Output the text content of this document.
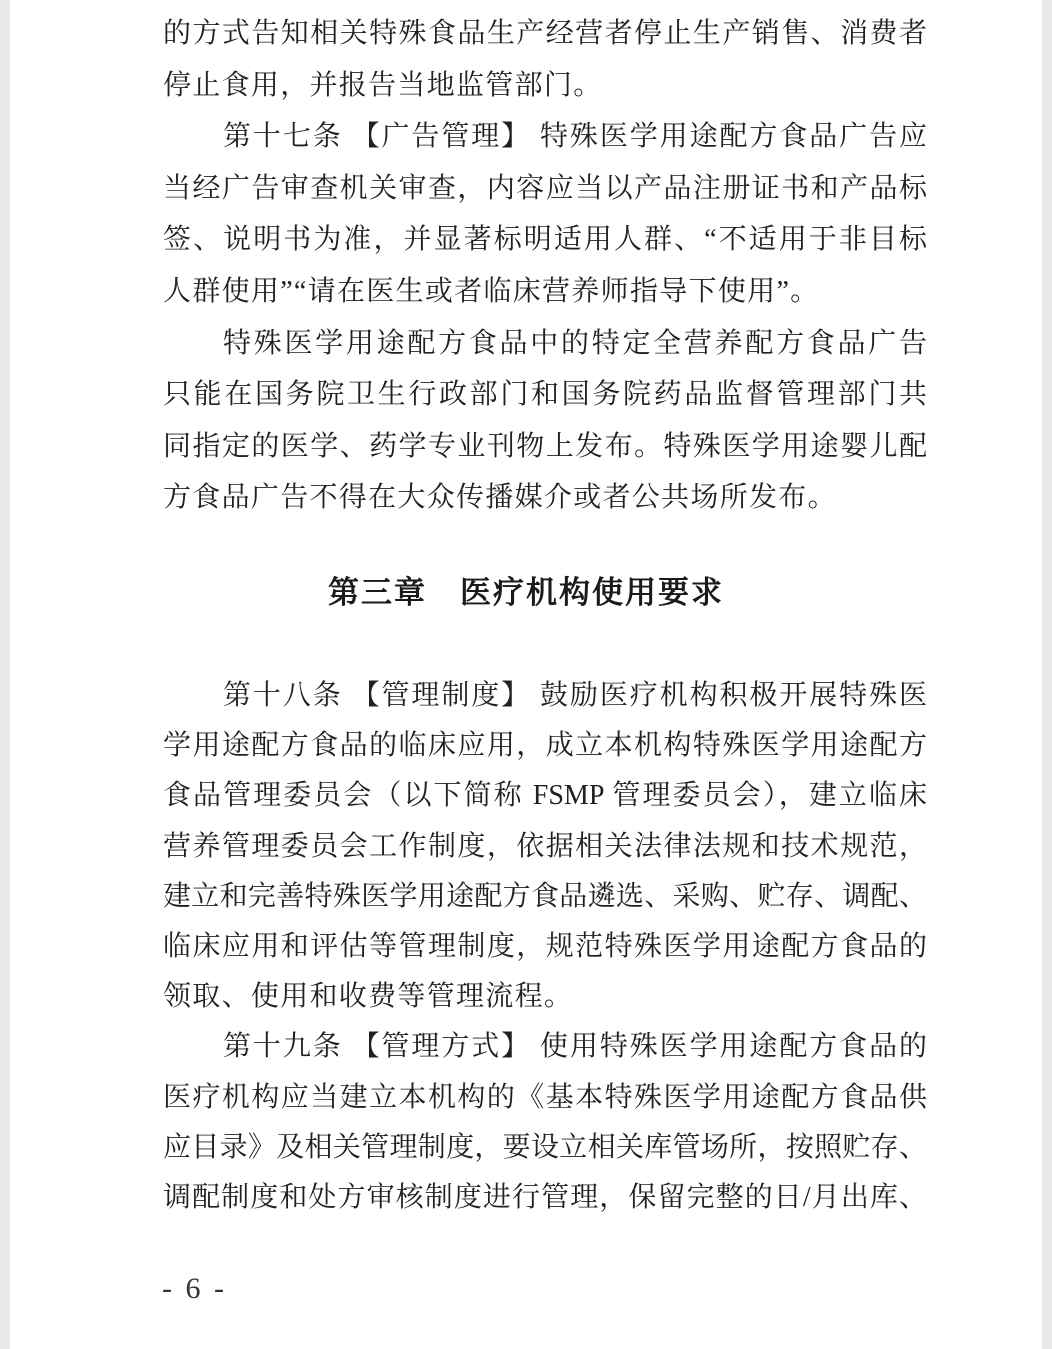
的方式告知相关特殊食品生产经营者停止生产销售、消费者
停止食用，并报告当地监管部门。
第十七条 【广告管理】 特殊医学用途配方食品广告应
当经广告审查机关审查，内容应当以产品注册证书和产品标
签、说明书为准，并显著标明适用人群、“不适用于非目标
人群使用”“请在医生或者临床营养师指导下使用”。
特殊医学用途配方食品中的特定全营养配方食品广告
只能在国务院卫生行政部门和国务院药品监督管理部门共
同指定的医学、药学专业刊物上发布。特殊医学用途婴儿配
方食品广告不得在大众传播媒介或者公共场所发布。
第三章　医疗机构使用要求
第十八条 【管理制度】 鼓励医疗机构积极开展特殊医
学用途配方食品的临床应用，成立本机构特殊医学用途配方
食品管理委员会（以下简称 FSMP 管理委员会），建立临床
营养管理委员会工作制度，依据相关法律法规和技术规范，
建立和完善特殊医学用途配方食品遴选、采购、贮存、调配、
临床应用和评估等管理制度，规范特殊医学用途配方食品的
领取、使用和收费等管理流程。
第十九条 【管理方式】 使用特殊医学用途配方食品的
医疗机构应当建立本机构的《基本特殊医学用途配方食品供
应目录》及相关管理制度，要设立相关库管场所，按照贮存、
调配制度和处方审核制度进行管理，保留完整的日/月出库、
- 6 -
